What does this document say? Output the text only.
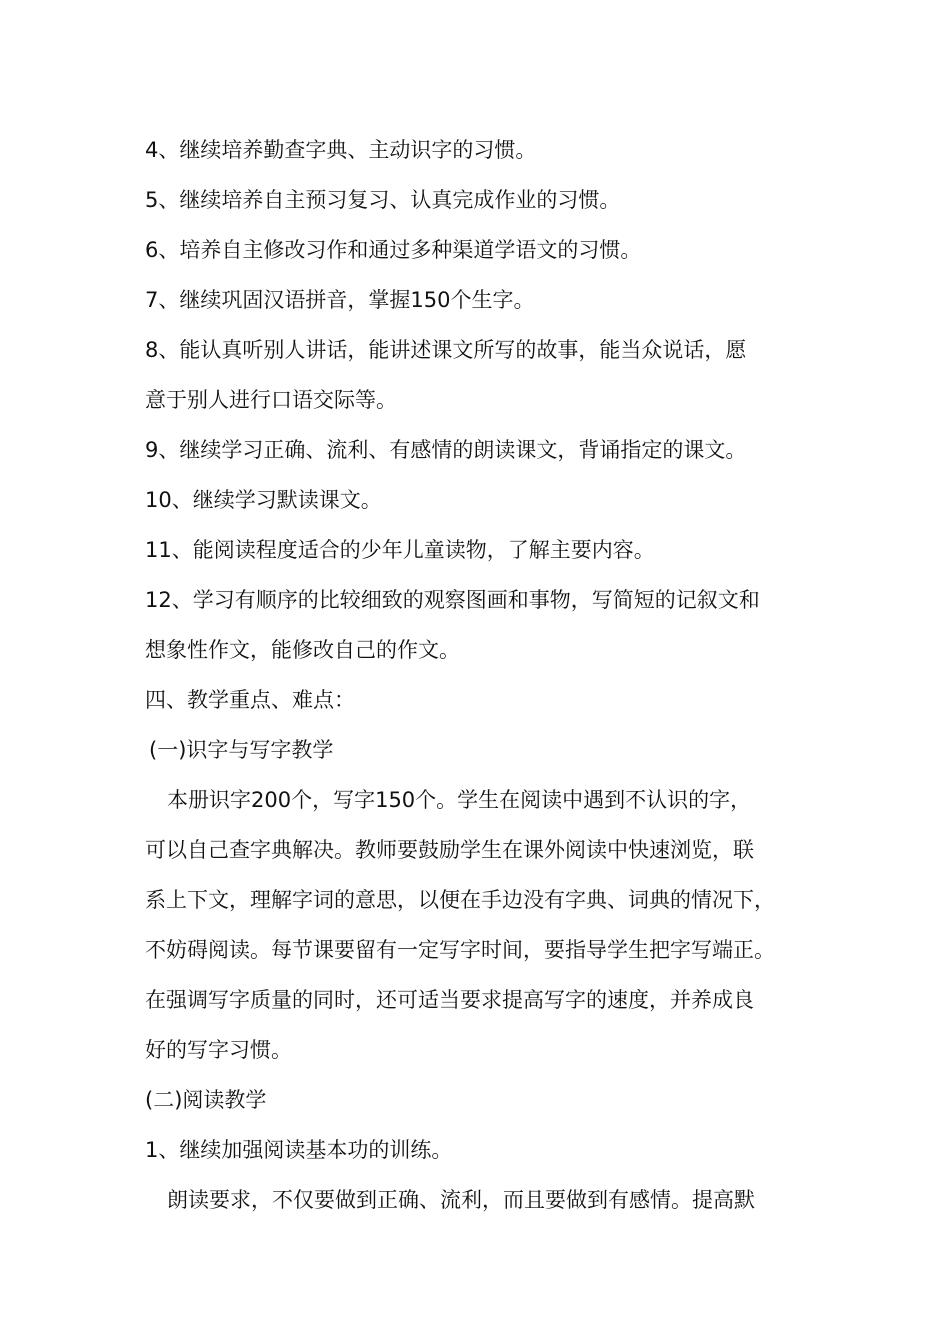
4、继续培养勤查字典、主动识字的习惯。
5、继续培养自主预习复习、认真完成作业的习惯。
6、培养自主修改习作和通过多种渠道学语文的习惯。
7、继续巩固汉语拼音，掌握150个生字。
8、能认真听别人讲话，能讲述课文所写的故事，能当众说话，愿
意于别人进行口语交际等。
9、继续学习正确、流利、有感情的朗读课文，背诵指定的课文。
10、继续学习默读课文。
11、能阅读程度适合的少年儿童读物，了解主要内容。
12、学习有顺序的比较细致的观察图画和事物，写简短的记叙文和
想象性作文，能修改自己的作文。
四、教学重点、难点：
(一)识字与写字教学
本册识字200个，写字150个。学生在阅读中遇到不认识的字，
可以自己查字典解决。教师要鼓励学生在课外阅读中快速浏览，联
系上下文，理解字词的意思，以便在手边没有字典、词典的情况下，
不妨碍阅读。每节课要留有一定写字时间，要指导学生把字写端正。
在强调写字质量的同时，还可适当要求提高写字的速度，并养成良
好的写字习惯。
(二)阅读教学
1、继续加强阅读基本功的训练。
朗读要求，不仅要做到正确、流利，而且要做到有感情。提高默
